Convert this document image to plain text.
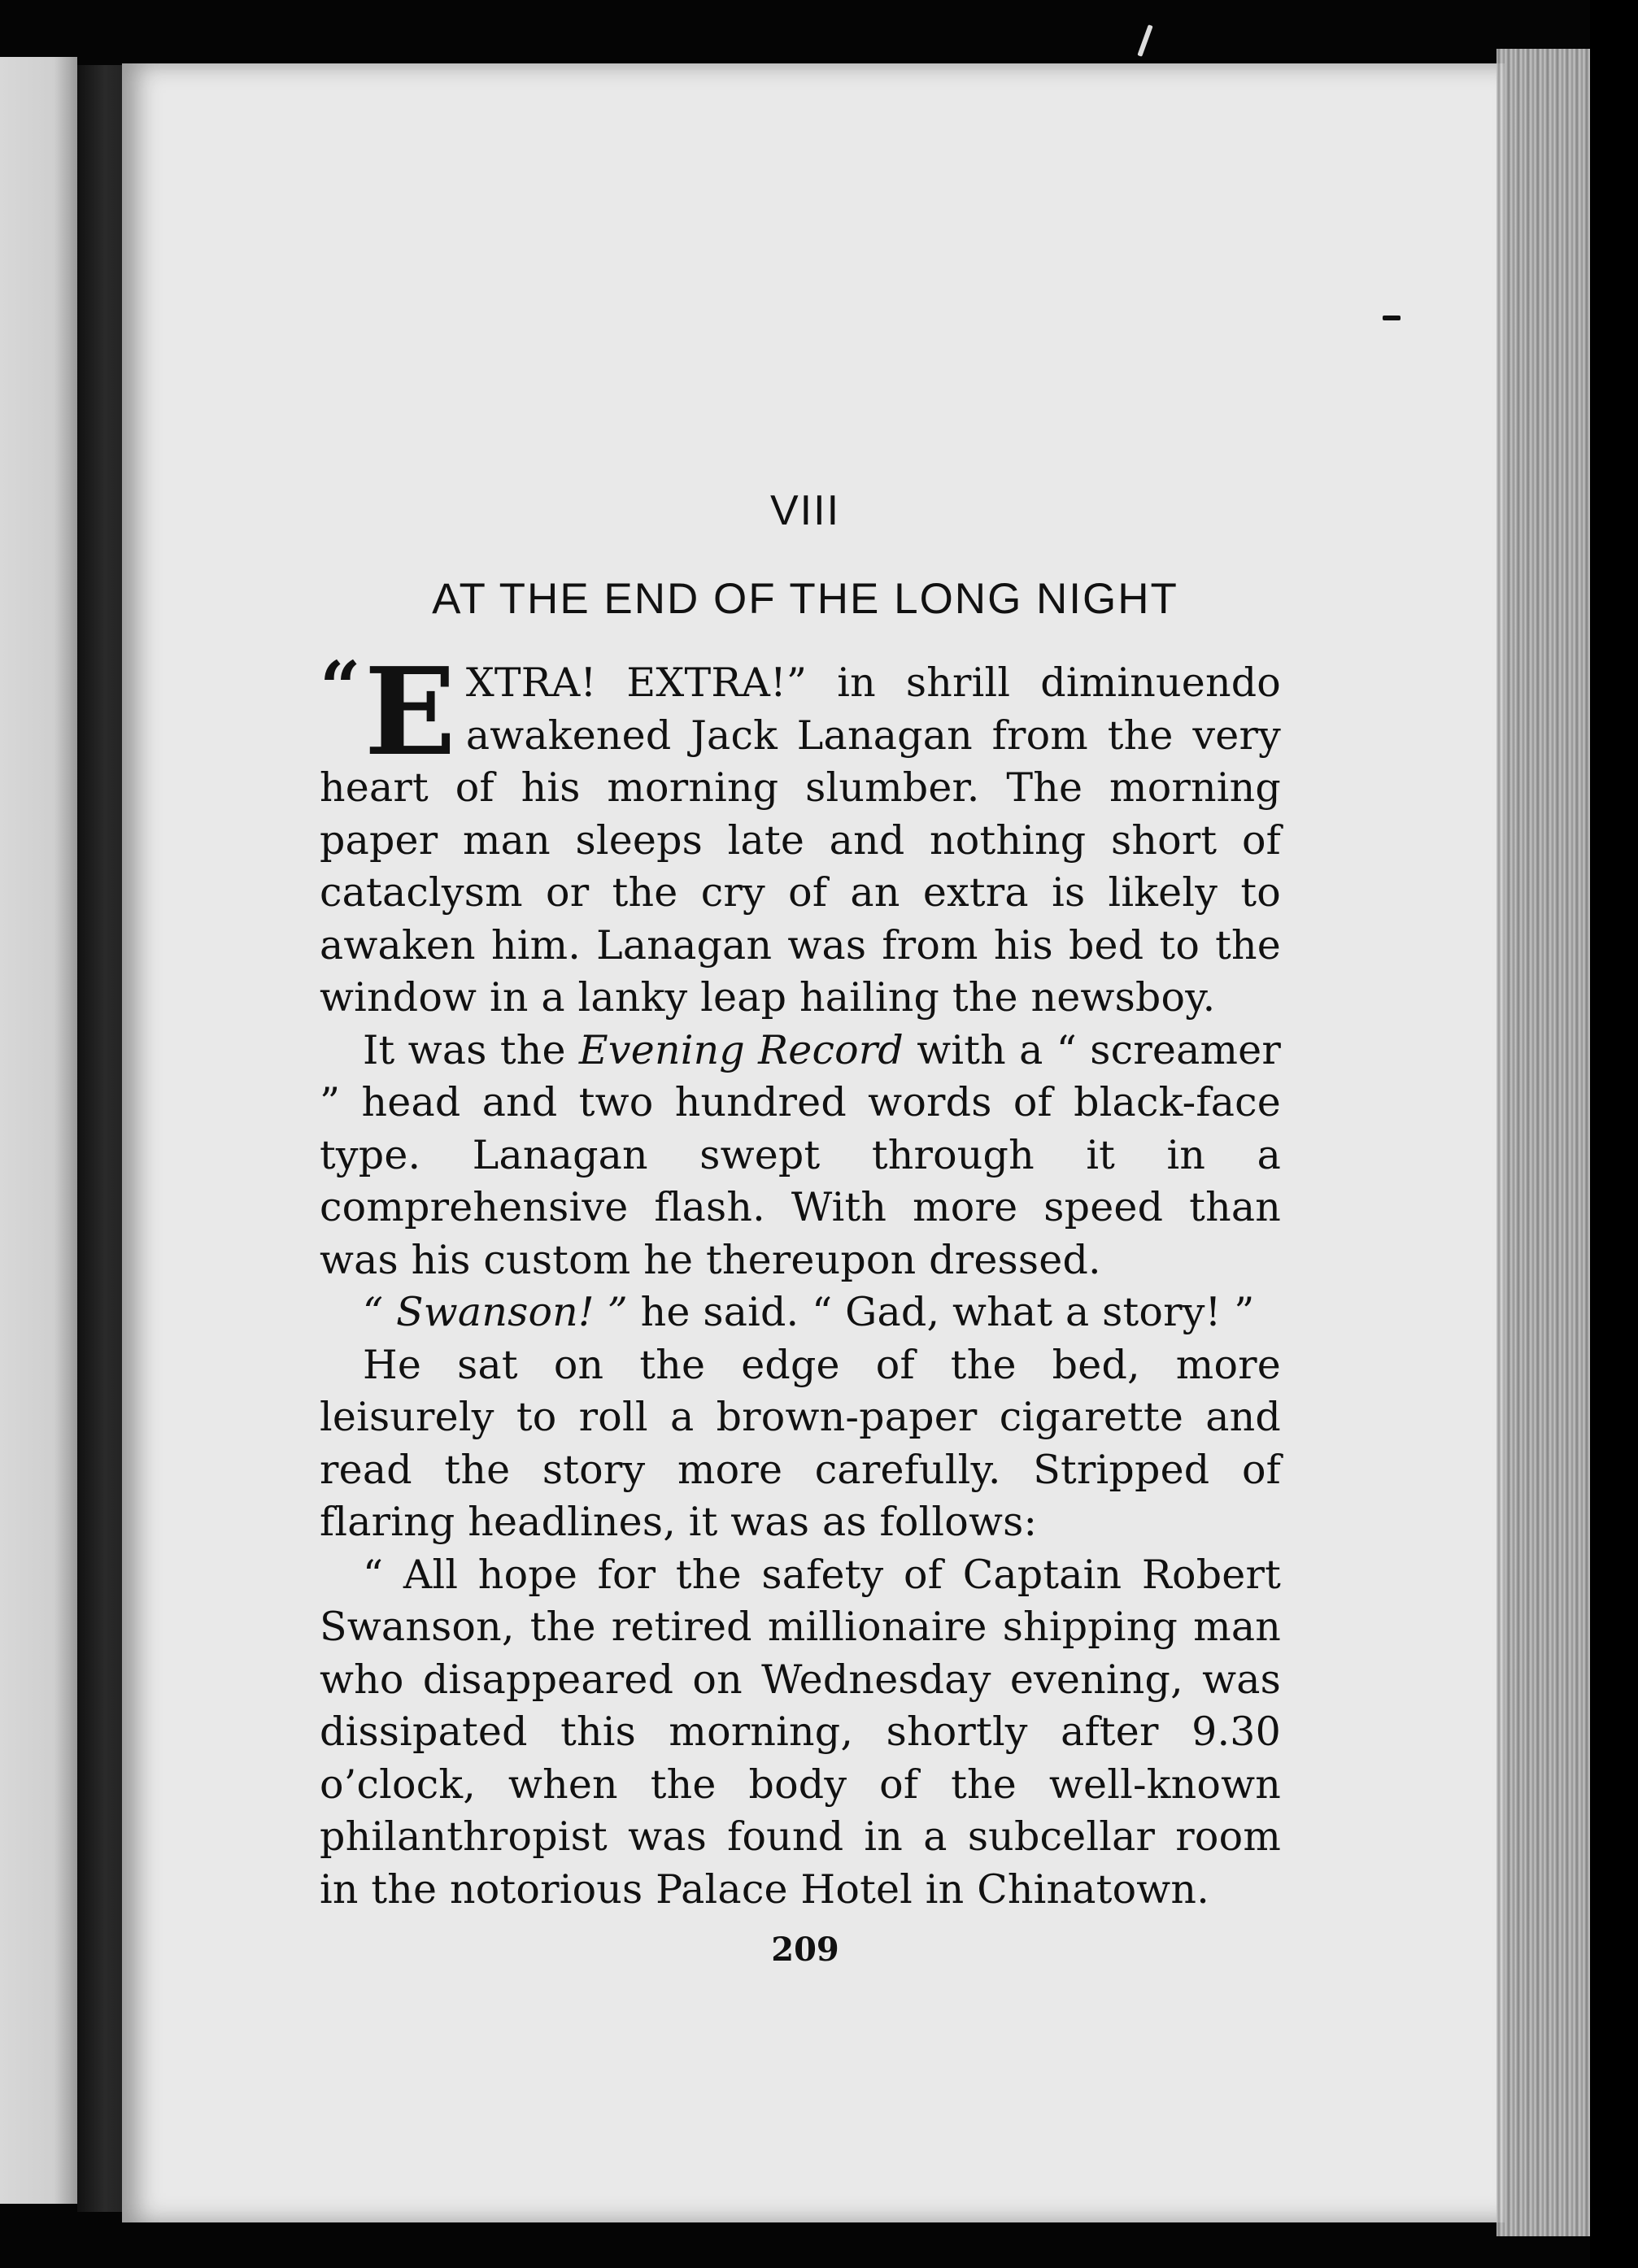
VIII
AT THE END OF THE LONG NIGHT

“ E XTRA! EXTRA!” in shrill diminuendo awakened Jack Lanagan from the very heart of his morning slumber. The morning paper man sleeps late and nothing short of cataclysm or the cry of an extra is likely to awaken him. Lanagan was from his bed to the window in a lanky leap hailing the newsboy.

It was the Evening Record with a “ screamer ” head and two hundred words of black-face type. Lanagan swept through it in a comprehensive flash. With more speed than was his custom he thereupon dressed.

“ Swanson! ” he said. “ Gad, what a story! ”

He sat on the edge of the bed, more leisurely to roll a brown-paper cigarette and read the story more carefully. Stripped of flaring headlines, it was as follows:

“ All hope for the safety of Captain Robert Swanson, the retired millionaire shipping man who disappeared on Wednesday evening, was dissipated this morning, shortly after 9.30 o’clock, when the body of the well-known philanthropist was found in a subcellar room in the notorious Palace Hotel in Chinatown.

209
